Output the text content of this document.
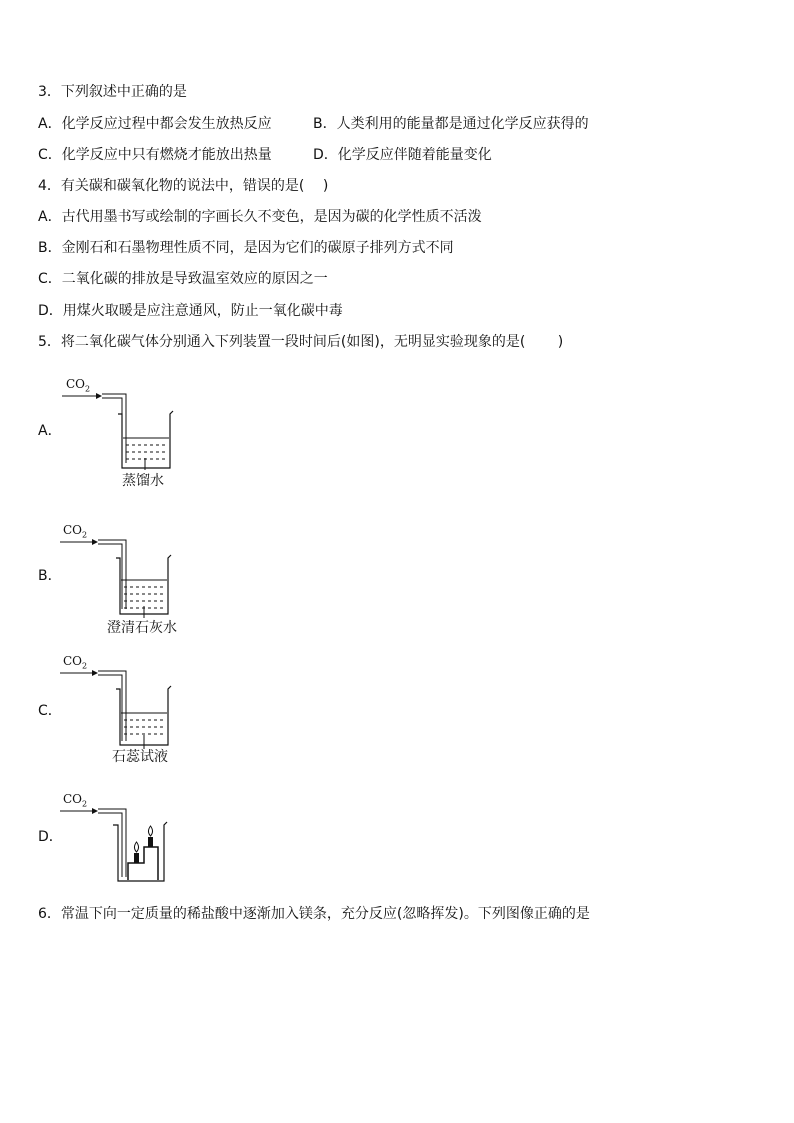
3．下列叙述中正确的是
A．化学反应过程中都会发生放热反应	B．人类利用的能量都是通过化学反应获得的
C．化学反应中只有燃烧才能放出热量	D．化学反应伴随着能量变化
4．有关碳和碳氧化物的说法中，错误的是(　 )
A．古代用墨书写或绘制的字画长久不变色，是因为碳的化学性质不活泼
B．金刚石和石墨物理性质不同，是因为它们的碳原子排列方式不同
C．二氧化碳的排放是导致温室效应的原因之一
D．用煤火取暖是应注意通风，防止一氧化碳中毒
5．将二氧化碳气体分别通入下列装置一段时间后(如图)，无明显实验现象的是(　　 )
A．
$CO_2$
蒸馏水
B．
$CO_2$
澄清石灰水
C．
$CO_2$
石蕊试液
D．
$CO_2$
6．常温下向一定质量的稀盐酸中逐渐加入镁条，充分反应(忽略挥发)。下列图像正确的是
